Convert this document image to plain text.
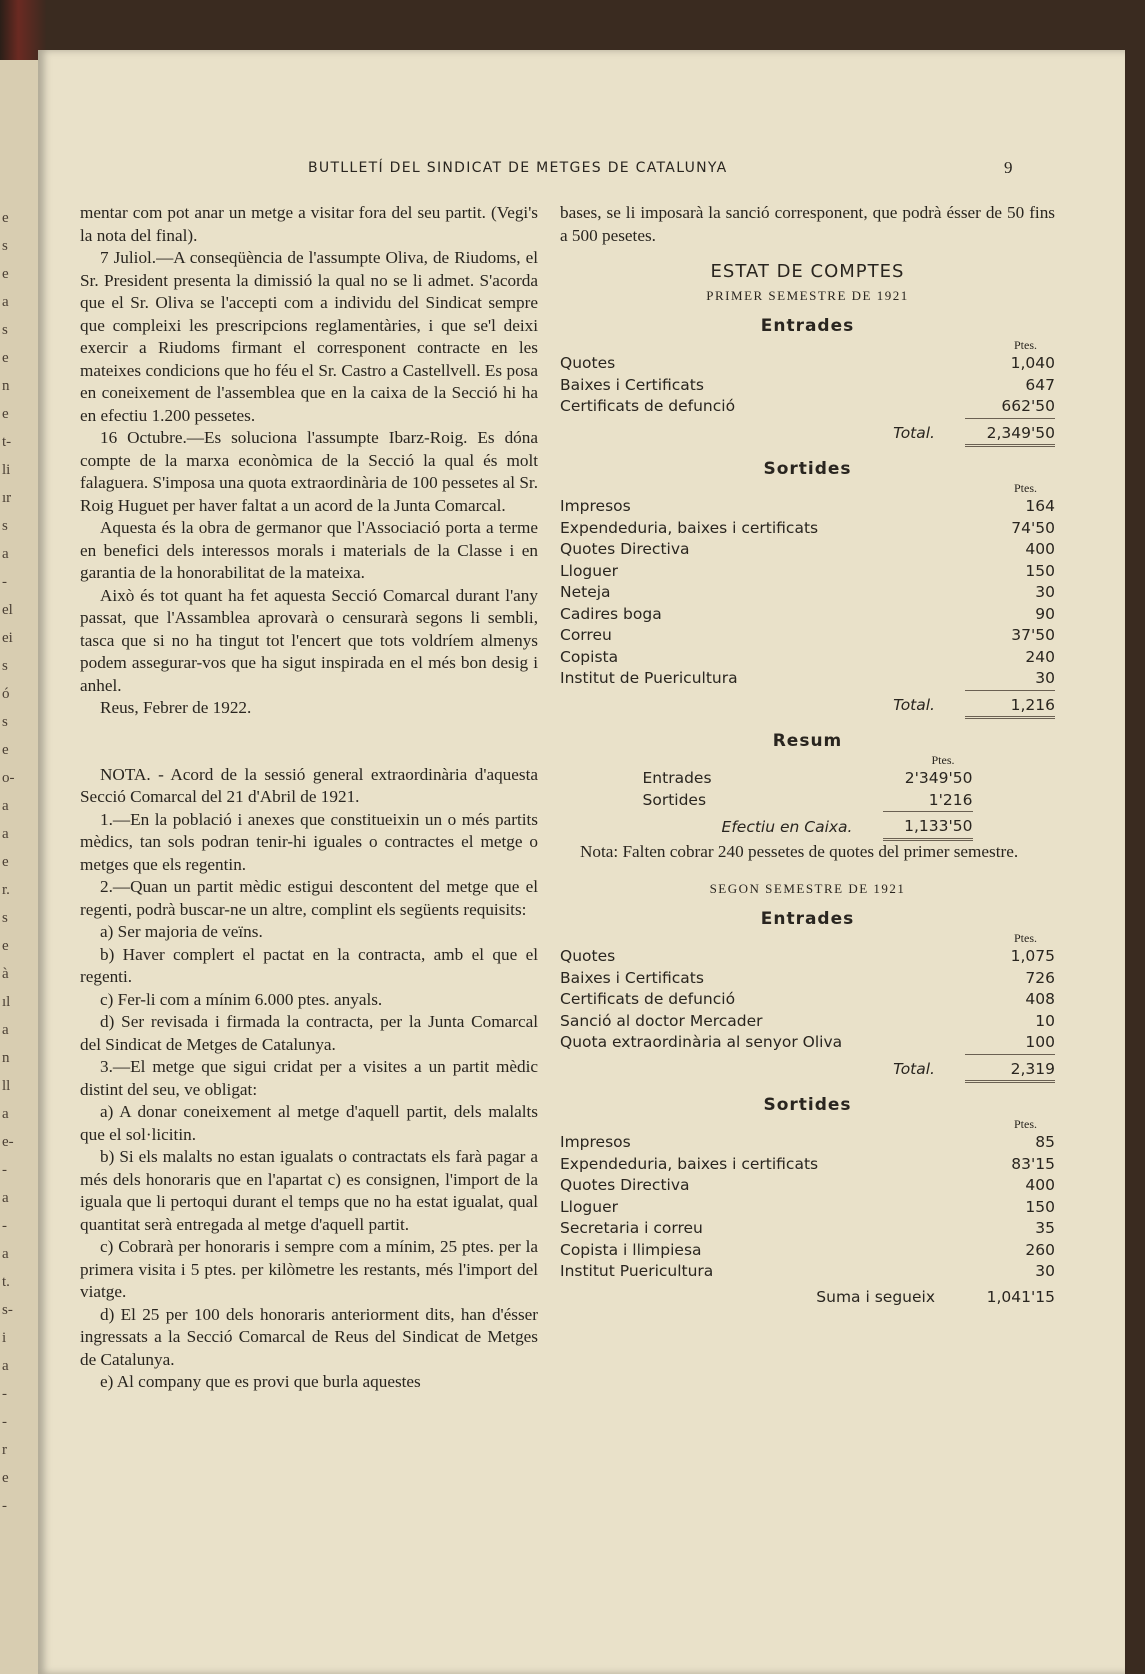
e
s
e
a
s
e
n
e
t-
li
ır
s
a
-
el
ei
s
ó
s
e
o-
a
a
e
r.
s
e
à
ıl
a
n
ll
a
e-
-
a
-
a
t.
s-
i
a
-
-
r
e
-
BUTLLETÍ DEL SINDICAT DE METGES DE CATALUNYA	9

mentar com pot anar un metge a visitar fora del seu partit. (Vegi's la nota del final).

7 Juliol.—A conseqüència de l'assumpte Oliva, de Riudoms, el Sr. President presenta la dimissió la qual no se li admet. S'acorda que el Sr. Oliva se l'accepti com a individu del Sindicat sempre que compleixi les prescripcions reglamentàries, i que se'l deixi exercir a Riudoms firmant el corresponent contracte en les mateixes condicions que ho féu el Sr. Castro a Castellvell. Es posa en coneixement de l'assemblea que en la caixa de la Secció hi ha en efectiu 1.200 pessetes.

16 Octubre.—Es soluciona l'assumpte Ibarz-Roig. Es dóna compte de la marxa econòmica de la Secció la qual és molt falaguera. S'imposa una quota extraordinària de 100 pessetes al Sr. Roig Huguet per haver faltat a un acord de la Junta Comarcal.

Aquesta és la obra de germanor que l'Associació porta a terme en benefici dels interessos morals i materials de la Classe i en garantia de la honorabilitat de la mateixa.

Això és tot quant ha fet aquesta Secció Comarcal durant l'any passat, que l'Assamblea aprovarà o censurarà segons li sembli, tasca que si no ha tingut tot l'encert que tots voldríem almenys podem assegurar-vos que ha sigut inspirada en el més bon desig i anhel.

Reus, Febrer de 1922.

NOTA. - Acord de la sessió general extraordinària d'aquesta Secció Comarcal del 21 d'Abril de 1921.

1.—En la població i anexes que constitueixin un o més partits mèdics, tan sols podran tenir-hi iguales o contractes el metge o metges que els regentin.

2.—Quan un partit mèdic estigui descontent del metge que el regenti, podrà buscar-ne un altre, complint els següents requisits:

a) Ser majoria de veïns.

b) Haver complert el pactat en la contracta, amb el que el regenti.

c) Fer-li com a mínim 6.000 ptes. anyals.

d) Ser revisada i firmada la contracta, per la Junta Comarcal del Sindicat de Metges de Catalunya.

3.—El metge que sigui cridat per a visites a un partit mèdic distint del seu, ve obligat:

a) A donar coneixement al metge d'aquell partit, dels malalts que el sol·licitin.

b) Si els malalts no estan igualats o contractats els farà pagar a més dels honoraris que en l'apartat c) es consignen, l'import de la iguala que li pertoqui durant el temps que no ha estat igualat, qual quantitat serà entregada al metge d'aquell partit.

c) Cobrarà per honoraris i sempre com a mínim, 25 ptes. per la primera visita i 5 ptes. per kilòmetre les restants, més l'import del viatge.

d) El 25 per 100 dels honoraris anteriorment dits, han d'ésser ingressats a la Secció Comarcal de Reus del Sindicat de Metges de Catalunya.

e) Al company que es provi que burla aquestes

bases, se li imposarà la sanció corresponent, que podrà ésser de 50 fins a 500 pesetes.

ESTAT DE COMPTES
PRIMER SEMESTRE DE 1921
Entrades
Ptes.
Quotes	1,040
Baixes i Certificats	647
Certificats de defunció	662'50
Total.	2,349'50
Sortides
Ptes.
Impresos	164
Expendeduria, baixes i certificats	74'50
Quotes Directiva	400
Lloguer	150
Neteja	30
Cadires boga	90
Correu	37'50
Copista	240
Institut de Puericultura	30
Total.	1,216
Resum
Ptes.
Entrades	2'349'50
Sortides	1'216
Efectiu en Caixa.	1,133'50

Nota: Falten cobrar 240 pessetes de quotes del primer semestre.

SEGON SEMESTRE DE 1921
Entrades
Ptes.
Quotes	1,075
Baixes i Certificats	726
Certificats de defunció	408
Sanció al doctor Mercader	10
Quota extraordinària al senyor Oliva	100
Total.	2,319
Sortides
Ptes.
Impresos	85
Expendeduria, baixes i certificats	83'15
Quotes Directiva	400
Lloguer	150
Secretaria i correu	35
Copista i llimpiesa	260
Institut Puericultura	30
Suma i segueix	1,041'15
